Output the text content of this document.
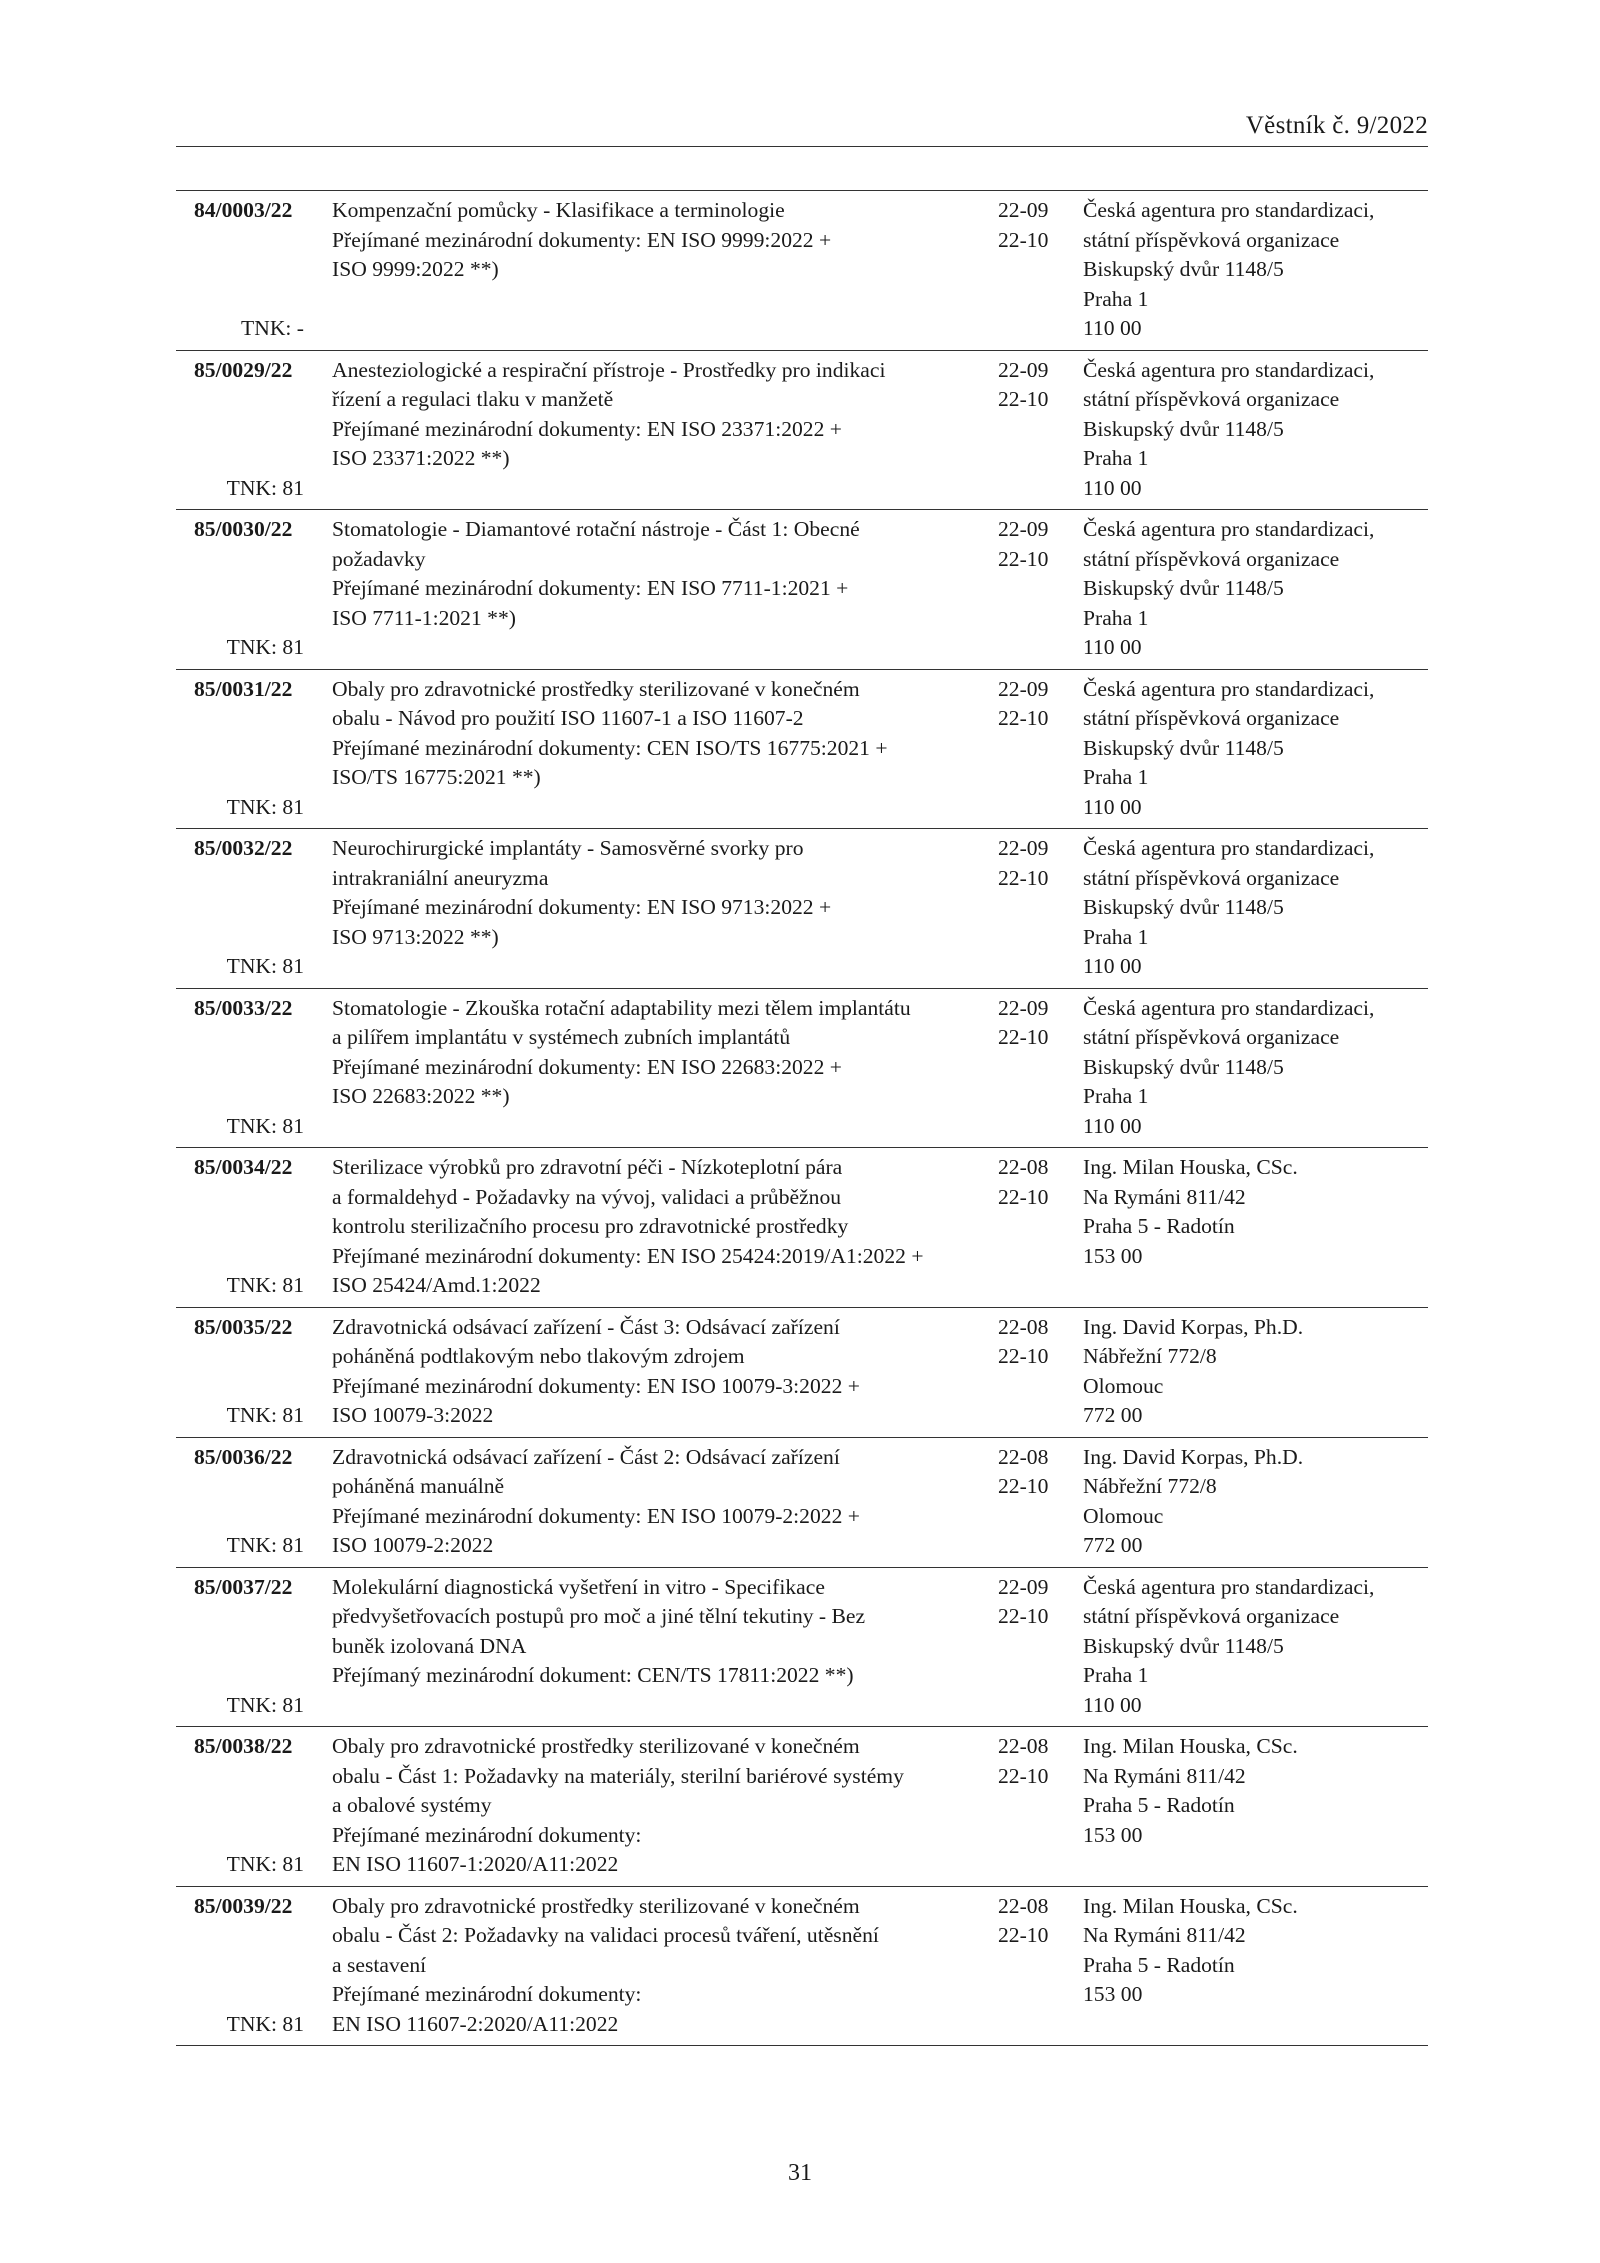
Věstník č. 9/2022
84/0003/22
TNK: -
Kompenzační pomůcky - Klasifikace a terminologie
Přejímané mezinárodní dokumenty: EN ISO 9999:2022 +
ISO 9999:2022 **)
22-09
22-10
Česká agentura pro standardizaci,
státní příspěvková organizace
Biskupský dvůr 1148/5
Praha 1
110 00
85/0029/22
TNK: 81
Anesteziologické a respirační přístroje - Prostředky pro indikaci
řízení a regulaci tlaku v manžetě
Přejímané mezinárodní dokumenty: EN ISO 23371:2022 +
ISO 23371:2022 **)
22-09
22-10
Česká agentura pro standardizaci,
státní příspěvková organizace
Biskupský dvůr 1148/5
Praha 1
110 00
85/0030/22
TNK: 81
Stomatologie - Diamantové rotační nástroje - Část 1: Obecné
požadavky
Přejímané mezinárodní dokumenty: EN ISO 7711-1:2021 +
ISO 7711-1:2021 **)
22-09
22-10
Česká agentura pro standardizaci,
státní příspěvková organizace
Biskupský dvůr 1148/5
Praha 1
110 00
85/0031/22
TNK: 81
Obaly pro zdravotnické prostředky sterilizované v konečném
obalu - Návod pro použití ISO 11607-1 a ISO 11607-2
Přejímané mezinárodní dokumenty: CEN ISO/TS 16775:2021 +
ISO/TS 16775:2021 **)
22-09
22-10
Česká agentura pro standardizaci,
státní příspěvková organizace
Biskupský dvůr 1148/5
Praha 1
110 00
85/0032/22
TNK: 81
Neurochirurgické implantáty - Samosvěrné svorky pro
intrakraniální aneuryzma
Přejímané mezinárodní dokumenty: EN ISO 9713:2022 +
ISO 9713:2022 **)
22-09
22-10
Česká agentura pro standardizaci,
státní příspěvková organizace
Biskupský dvůr 1148/5
Praha 1
110 00
85/0033/22
TNK: 81
Stomatologie - Zkouška rotační adaptability mezi tělem implantátu
a pilířem implantátu v systémech zubních implantátů
Přejímané mezinárodní dokumenty: EN ISO 22683:2022 +
ISO 22683:2022 **)
22-09
22-10
Česká agentura pro standardizaci,
státní příspěvková organizace
Biskupský dvůr 1148/5
Praha 1
110 00
85/0034/22
TNK: 81
Sterilizace výrobků pro zdravotní péči - Nízkoteplotní pára
a formaldehyd - Požadavky na vývoj, validaci a průběžnou
kontrolu sterilizačního procesu pro zdravotnické prostředky
Přejímané mezinárodní dokumenty: EN ISO 25424:2019/A1:2022 +
ISO 25424/Amd.1:2022
22-08
22-10
Ing. Milan Houska, CSc.
Na Rymáni 811/42
Praha 5 - Radotín
153 00
85/0035/22
TNK: 81
Zdravotnická odsávací zařízení - Část 3: Odsávací zařízení
poháněná podtlakovým nebo tlakovým zdrojem
Přejímané mezinárodní dokumenty: EN ISO 10079-3:2022 +
ISO 10079-3:2022
22-08
22-10
Ing. David Korpas, Ph.D.
Nábřežní 772/8
Olomouc
772 00
85/0036/22
TNK: 81
Zdravotnická odsávací zařízení - Část 2: Odsávací zařízení
poháněná manuálně
Přejímané mezinárodní dokumenty: EN ISO 10079-2:2022 +
ISO 10079-2:2022
22-08
22-10
Ing. David Korpas, Ph.D.
Nábřežní 772/8
Olomouc
772 00
85/0037/22
TNK: 81
Molekulární diagnostická vyšetření in vitro - Specifikace
předvyšetřovacích postupů pro moč a jiné tělní tekutiny - Bez
buněk izolovaná DNA
Přejímaný mezinárodní dokument: CEN/TS 17811:2022 **)
22-09
22-10
Česká agentura pro standardizaci,
státní příspěvková organizace
Biskupský dvůr 1148/5
Praha 1
110 00
85/0038/22
TNK: 81
Obaly pro zdravotnické prostředky sterilizované v konečném
obalu - Část 1: Požadavky na materiály, sterilní bariérové systémy
a obalové systémy
Přejímané mezinárodní dokumenty:
EN ISO 11607-1:2020/A11:2022
22-08
22-10
Ing. Milan Houska, CSc.
Na Rymáni 811/42
Praha 5 - Radotín
153 00
85/0039/22
TNK: 81
Obaly pro zdravotnické prostředky sterilizované v konečném
obalu - Část 2: Požadavky na validaci procesů tváření, utěsnění
a sestavení
Přejímané mezinárodní dokumenty:
EN ISO 11607-2:2020/A11:2022
22-08
22-10
Ing. Milan Houska, CSc.
Na Rymáni 811/42
Praha 5 - Radotín
153 00
31
